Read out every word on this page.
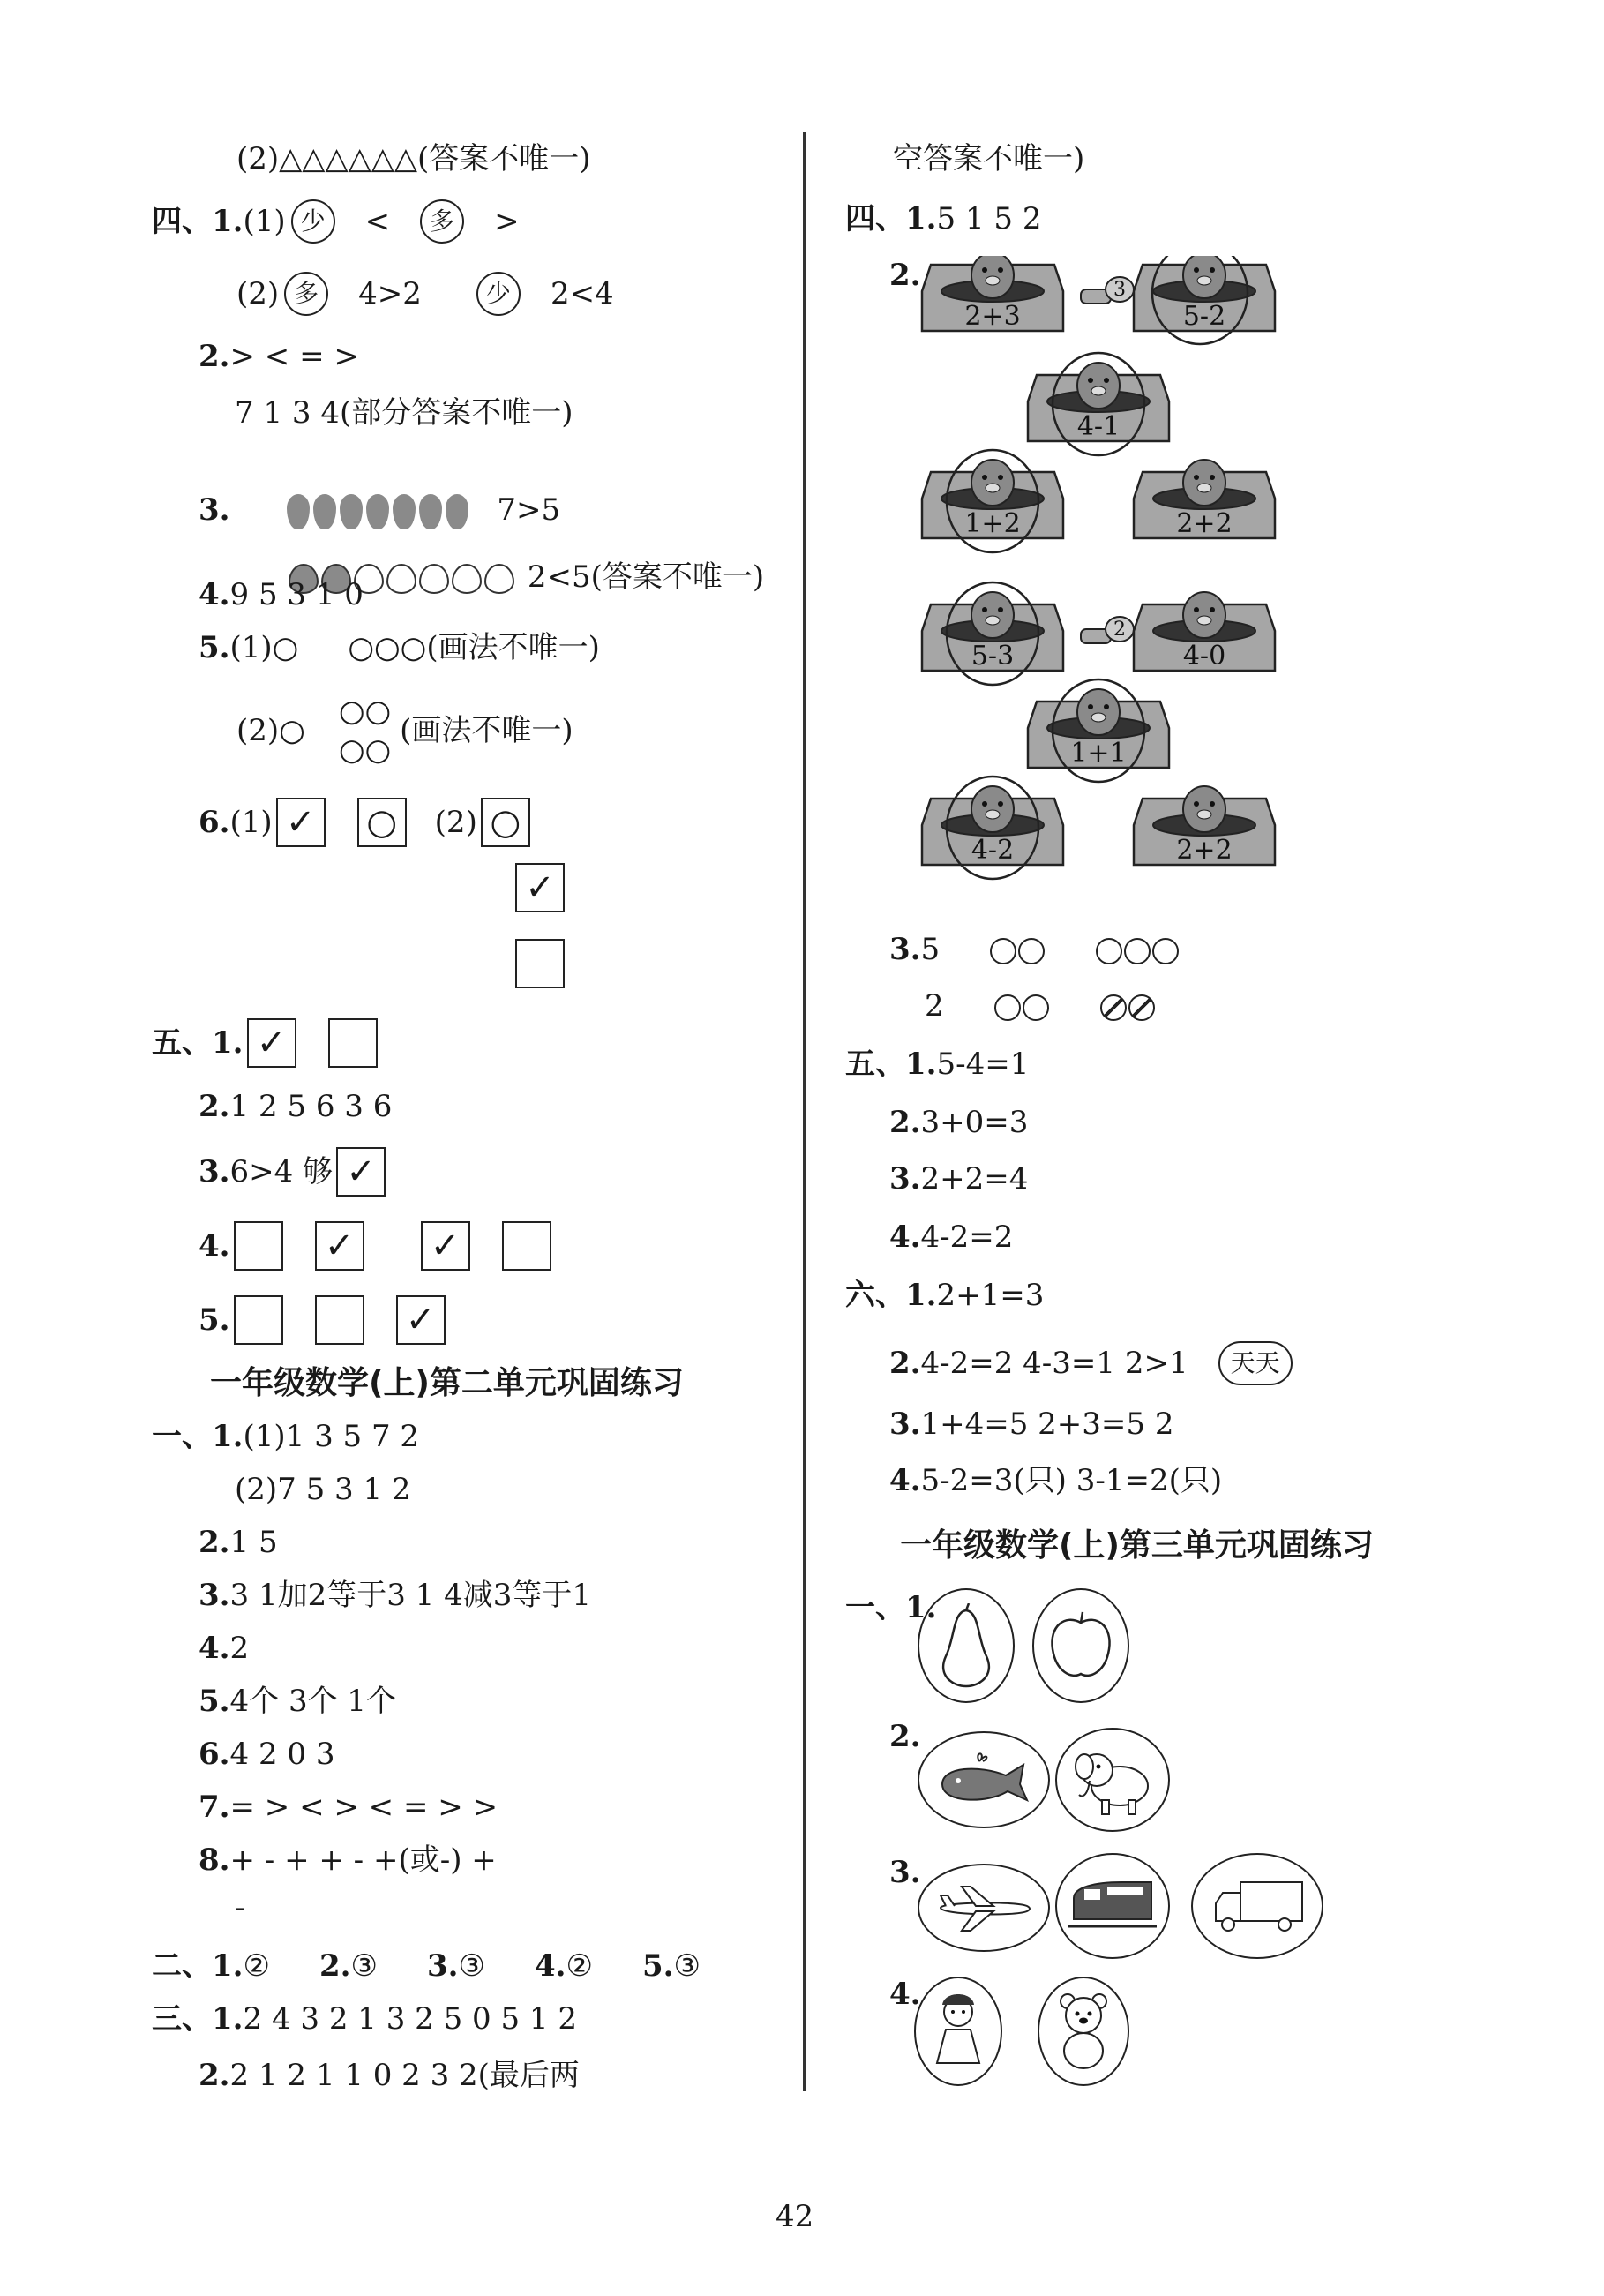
(2)△△△△△△(答案不唯一)
四、 1. (1) 少	<	多	>
(2) 多	4>2	少	2<4
2. > < = >
7 1 3 4(部分答案不唯一)
3.

	7>5

2<5(答案不唯一)
4. 9 5 3 1 0
5. (1)○ ○○○(画法不唯一)
(2)○
○○
○○
(画法不唯一)
6. (1) ✓ ○	(2) ○
✓
五、 1. ✓
2. 1 2 5 6 3 6
3. 6>4 够 ✓
4.	✓ ✓
5.	✓
一年级数学(上)第二单元巩固练习
一、 1. (1)1 3 5 7 2
(2)7 5 3 1 2
2. 1 5
3. 3 1加2等于3 1 4减3等于1
4. 2
5. 4个 3个 1个
6. 4 2 0 3
7. = > < > < = > >
8. + - + + - +(或-) +
-
二、 1. ② 2. ③ 3. ③ 4. ② 5. ③
三、 1. 2 4 3 2 1 3 2 5 0 5 1 2
2. 2 1 2 1 1 0 2 3 2(最后两
空答案不唯一)
四、 1. 5 1 5 2
2.
2+3	5-2
3
4-1
1+2	2+2
5-3
2
4-0
1+1
4-2	2+2
3. 5
2
五、 1. 5-4=1
2. 3+0=3
3. 2+2=4
4. 4-2=2
六、 1. 2+1=3
2. 4-2=2 4-3=1 2>1	天天
3. 1+4=5 2+3=5 2
4. 5-2=3(只) 3-1=2(只)
一年级数学(上)第三单元巩固练习
一、 1.
2.
3.
4.
42
